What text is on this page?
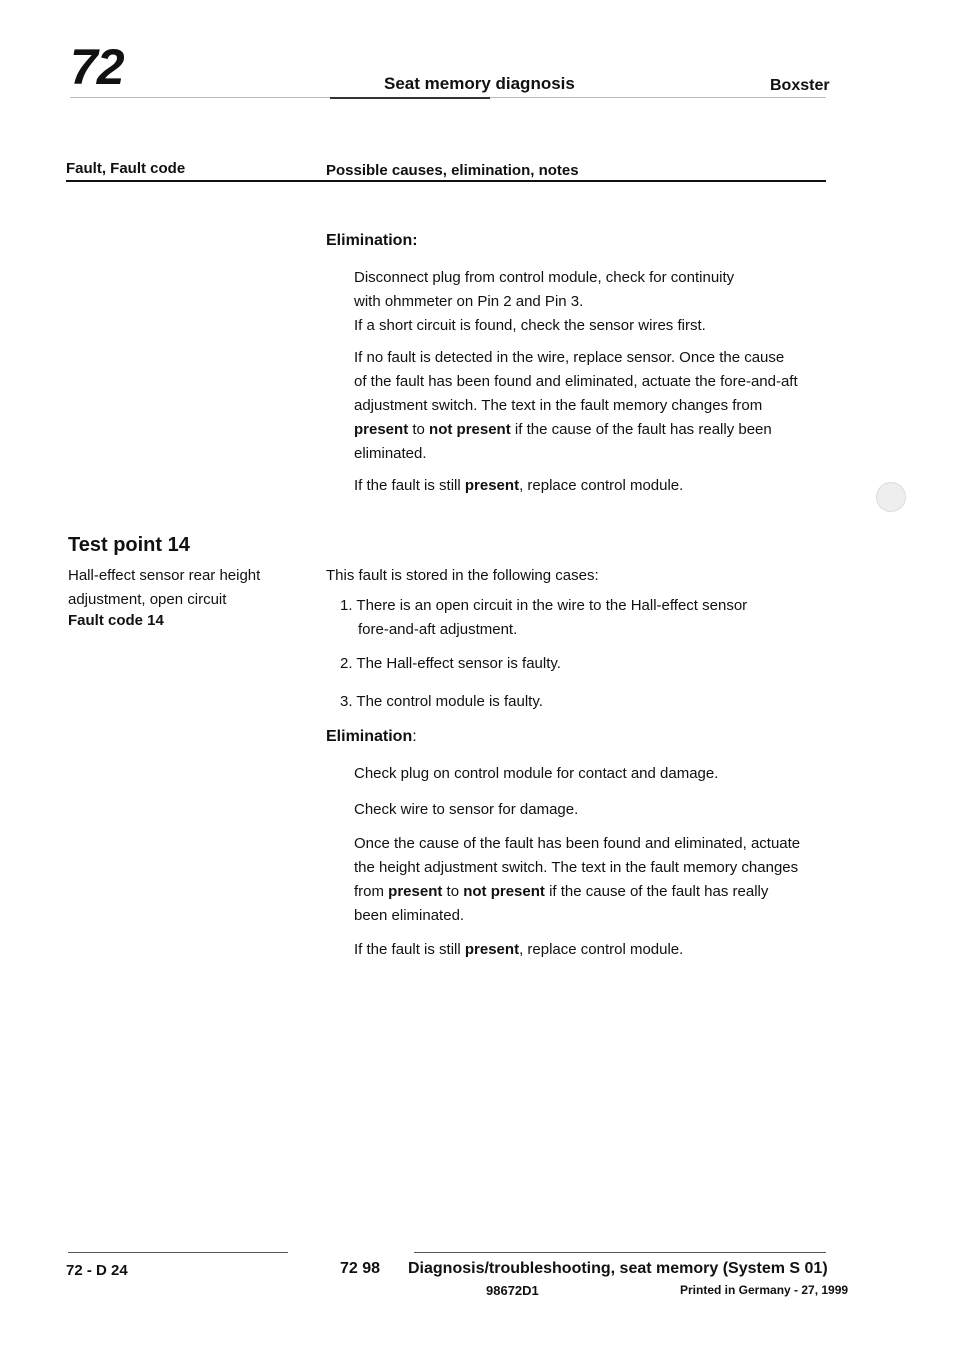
72	Seat memory diagnosis	Boxster
Fault, Fault code	Possible causes, elimination, notes
Elimination:
Disconnect plug from control module, check for continuity
with ohmmeter on Pin 2 and Pin 3.
If a short circuit is found, check the sensor wires first.
If no fault is detected in the wire, replace sensor. Once the cause
of the fault has been found and eliminated, actuate the fore-and-aft
adjustment switch. The text in the fault memory changes from
present to not present if the cause of the fault has really been
eliminated.
If the fault is still present, replace control module.
Test point 14
Hall-effect sensor rear height
adjustment, open circuit
Fault code 14
This fault is stored in the following cases:
1. There is an open circuit in the wire to the Hall-effect sensor
fore-and-aft adjustment.
2. The Hall-effect sensor is faulty.
3. The control module is faulty.
Elimination:
Check plug on control module for contact and damage.
Check wire to sensor for damage.
Once the cause of the fault has been found and eliminated, actuate
the height adjustment switch. The text in the fault memory changes
from present to not present if the cause of the fault has really
been eliminated.
If the fault is still present, replace control module.
72 - D 24	72 98 Diagnosis/troubleshooting, seat memory (System S 01)
98672D1	Printed in Germany - 27, 1999
